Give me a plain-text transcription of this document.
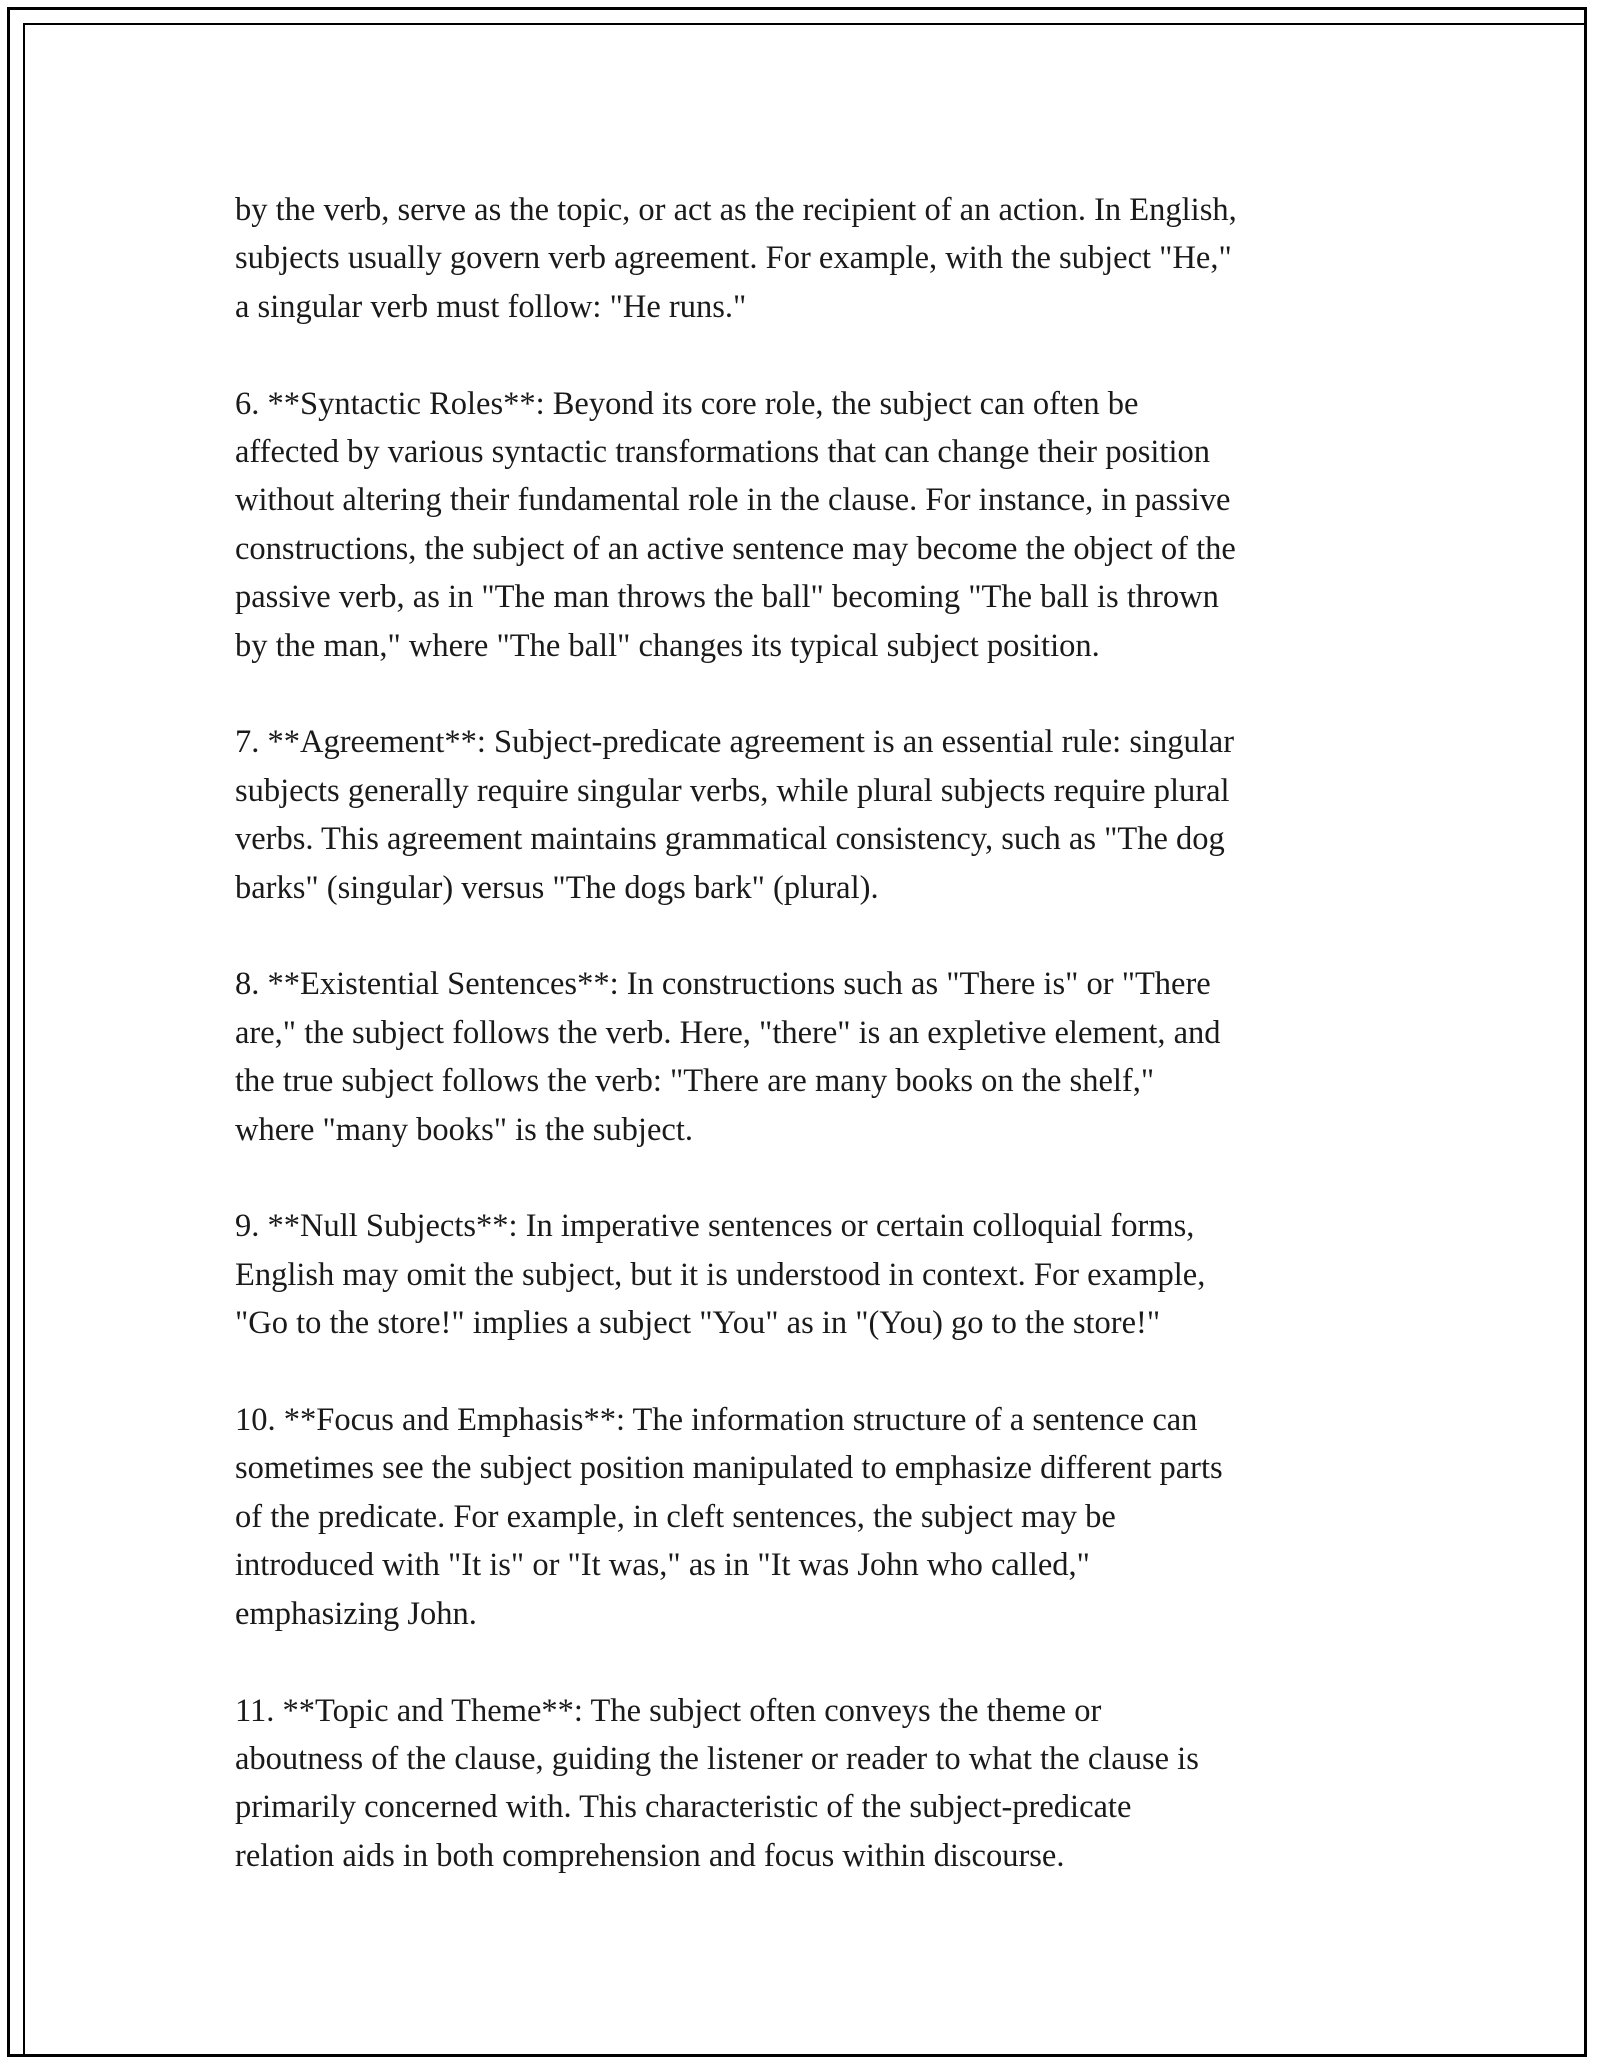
by the verb, serve as the topic, or act as the recipient of an action. In English,
subjects usually govern verb agreement. For example, with the subject "He,"
a singular verb must follow: "He runs."

6. **Syntactic Roles**: Beyond its core role, the subject can often be
affected by various syntactic transformations that can change their position
without altering their fundamental role in the clause. For instance, in passive
constructions, the subject of an active sentence may become the object of the
passive verb, as in "The man throws the ball" becoming "The ball is thrown
by the man," where "The ball" changes its typical subject position.

7. **Agreement**: Subject-predicate agreement is an essential rule: singular
subjects generally require singular verbs, while plural subjects require plural
verbs. This agreement maintains grammatical consistency, such as "The dog
barks" (singular) versus "The dogs bark" (plural).

8. **Existential Sentences**: In constructions such as "There is" or "There
are," the subject follows the verb. Here, "there" is an expletive element, and
the true subject follows the verb: "There are many books on the shelf,"
where "many books" is the subject.

9. **Null Subjects**: In imperative sentences or certain colloquial forms,
English may omit the subject, but it is understood in context. For example,
"Go to the store!" implies a subject "You" as in "(You) go to the store!"

10. **Focus and Emphasis**: The information structure of a sentence can
sometimes see the subject position manipulated to emphasize different parts
of the predicate. For example, in cleft sentences, the subject may be
introduced with "It is" or "It was," as in "It was John who called,"
emphasizing John.

11. **Topic and Theme**: The subject often conveys the theme or
aboutness of the clause, guiding the listener or reader to what the clause is
primarily concerned with. This characteristic of the subject-predicate
relation aids in both comprehension and focus within discourse.
